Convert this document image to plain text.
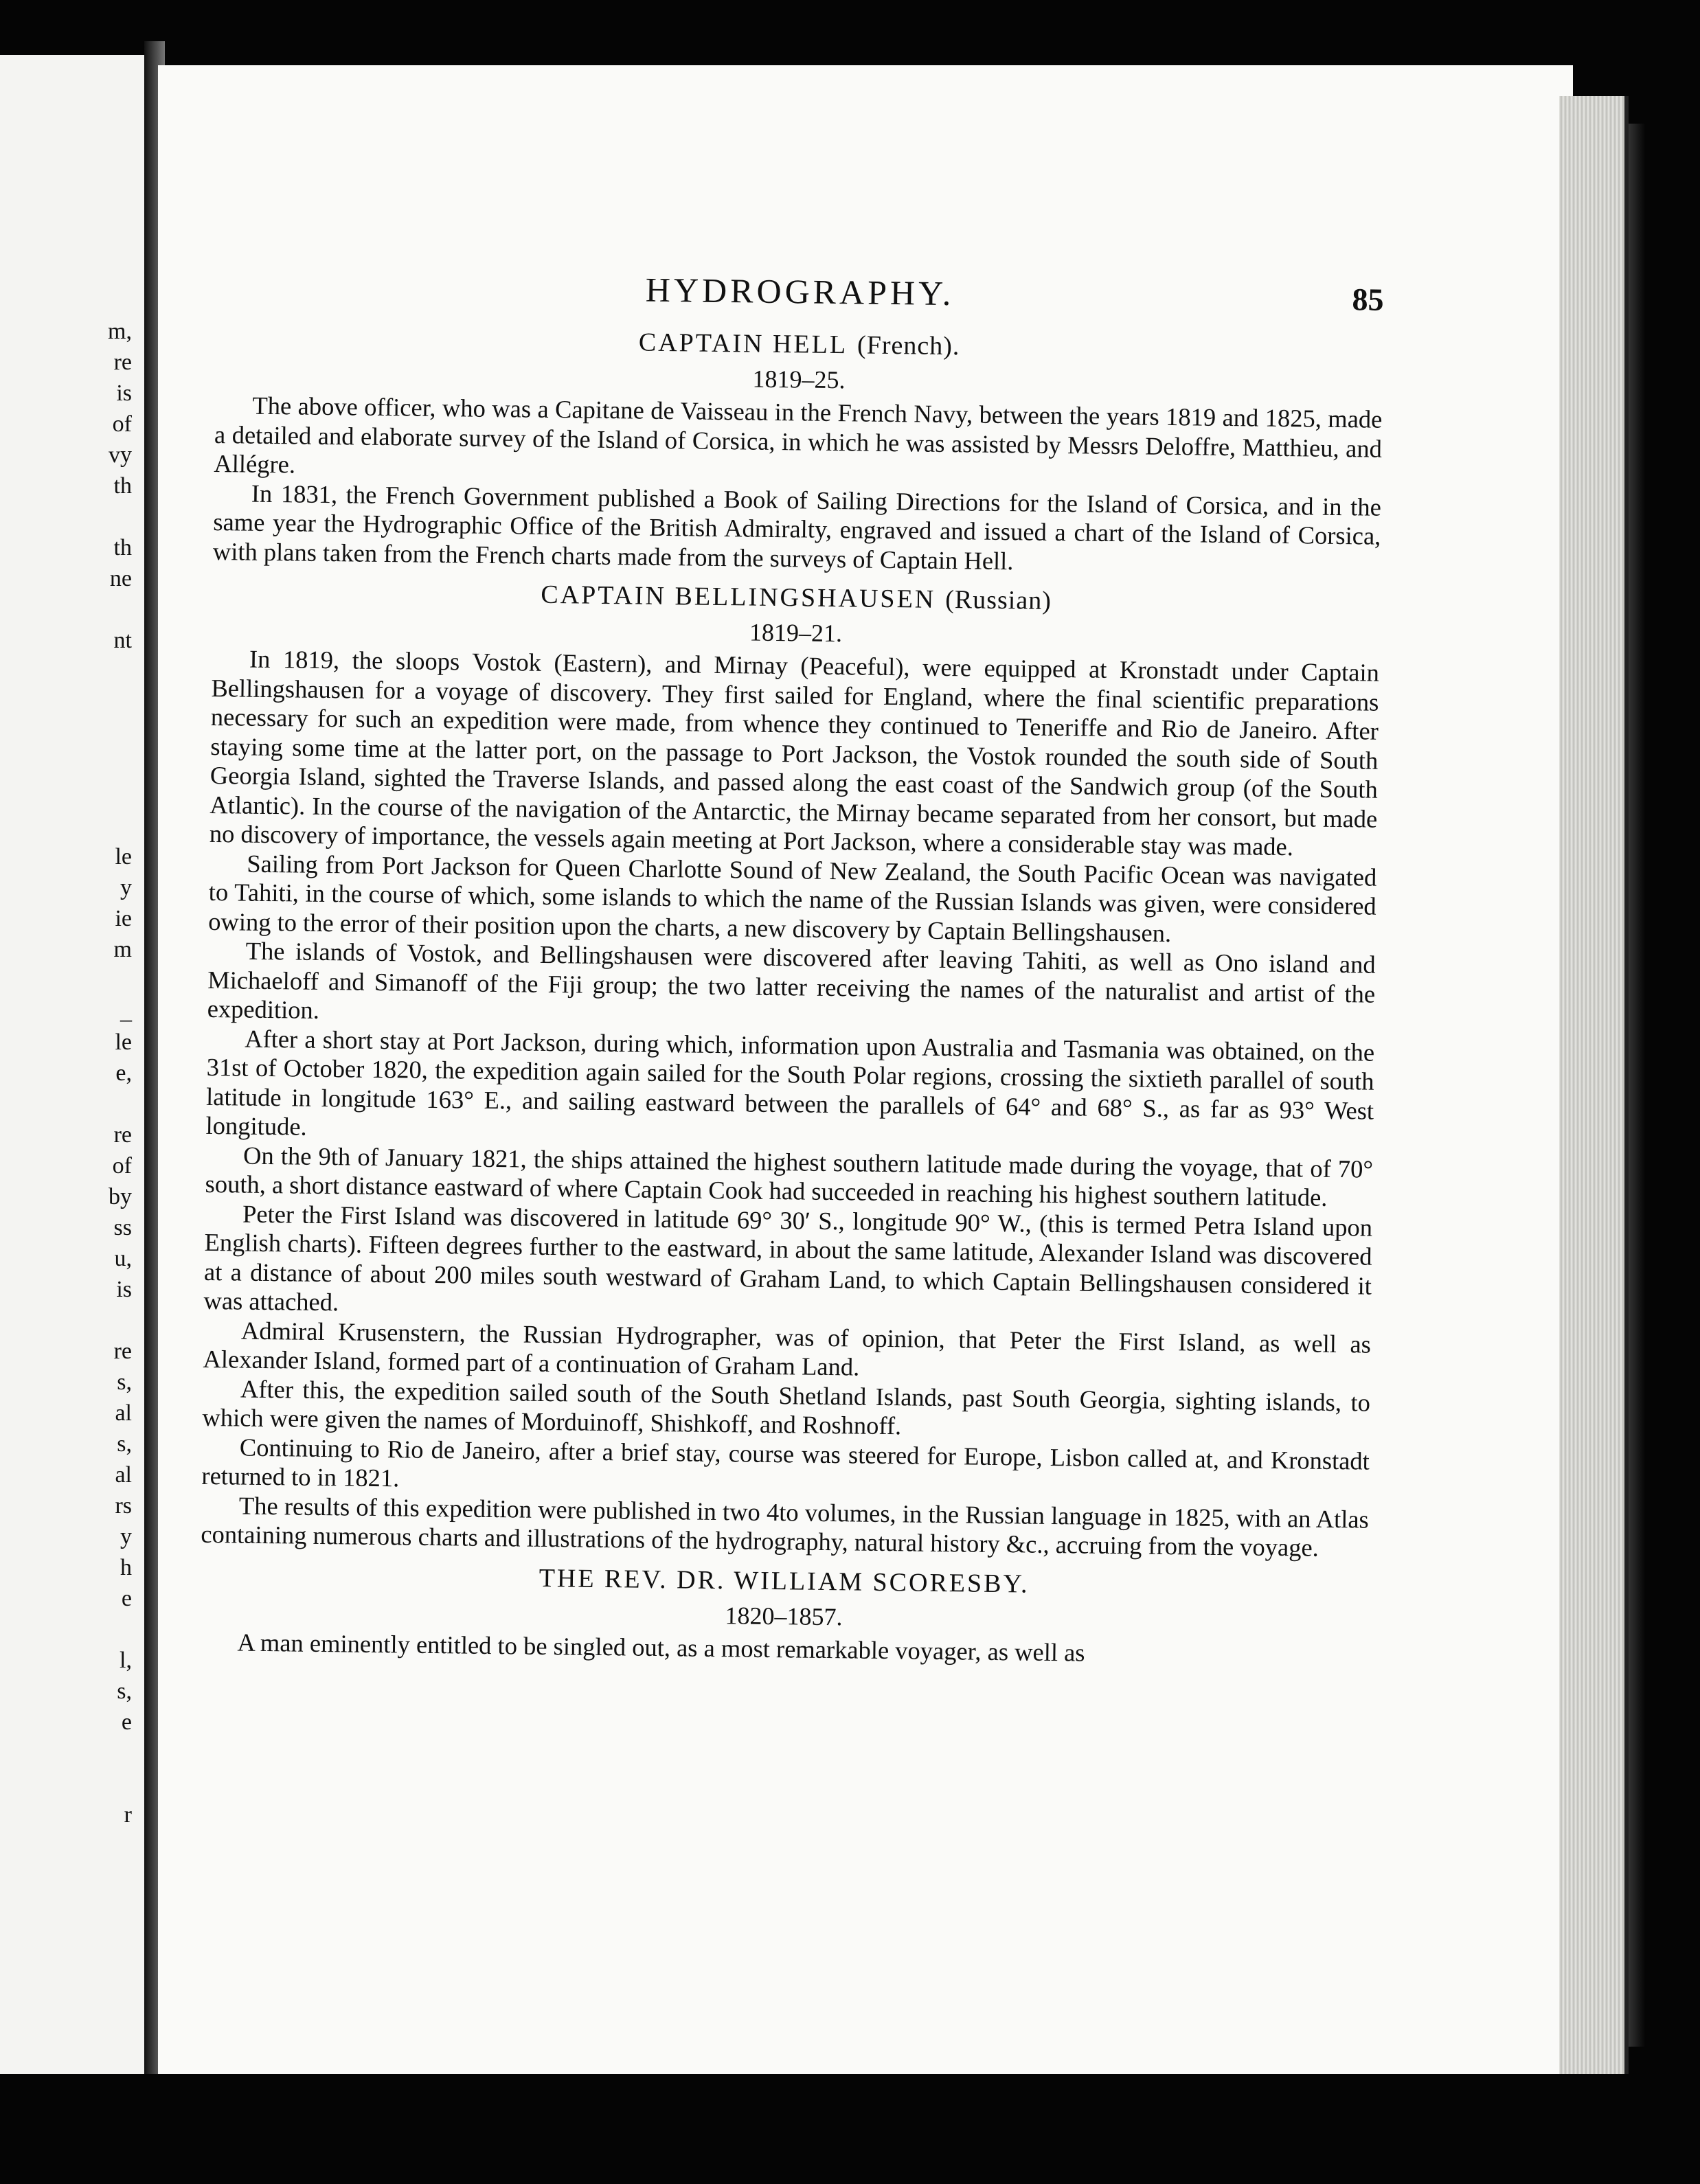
m,
re
is
of
vy
th
th
ne
nt
le
y
ie
m
_
le
e,
re
of
by
ss
u,
is
re
s,
al
s,
al
rs
y
h
e
l,
s,
e
r
HYDROGRAPHY.	85
CAPTAIN HELL (French).
1819–25.

The above officer, who was a Capitane de Vaisseau in the French Navy, between the years 1819 and 1825, made a detailed and elaborate survey of the Island of Corsica, in which he was assisted by Messrs Deloffre, Matthieu, and Allégre.

In 1831, the French Government published a Book of Sailing Directions for the Island of Corsica, and in the same year the Hydrographic Office of the British Admiralty, engraved and issued a chart of the Island of Corsica, with plans taken from the French charts made from the surveys of Captain Hell.

CAPTAIN BELLINGSHAUSEN (Russian)
1819–21.

In 1819, the sloops Vostok (Eastern), and Mirnay (Peaceful), were equipped at Kronstadt under Captain Bellingshausen for a voyage of discovery. They first sailed for England, where the final scientific preparations necessary for such an expedition were made, from whence they continued to Teneriffe and Rio de Janeiro. After staying some time at the latter port, on the passage to Port Jackson, the Vostok rounded the south side of South Georgia Island, sighted the Traverse Islands, and passed along the east coast of the Sandwich group (of the South Atlantic). In the course of the navigation of the Antarctic, the Mirnay became separated from her consort, but made no discovery of importance, the vessels again meeting at Port Jackson, where a considerable stay was made.

Sailing from Port Jackson for Queen Charlotte Sound of New Zealand, the South Pacific Ocean was navigated to Tahiti, in the course of which, some islands to which the name of the Russian Islands was given, were considered owing to the error of their position upon the charts, a new discovery by Captain Bellingshausen.

The islands of Vostok, and Bellingshausen were discovered after leaving Tahiti, as well as Ono island and Michaeloff and Simanoff of the Fiji group; the two latter receiving the names of the naturalist and artist of the expedition.

After a short stay at Port Jackson, during which, information upon Australia and Tasmania was obtained, on the 31st of October 1820, the expedition again sailed for the South Polar regions, crossing the sixtieth parallel of south latitude in longitude 163° E., and sailing eastward between the parallels of 64° and 68° S., as far as 93° West longitude.

On the 9th of January 1821, the ships attained the highest southern latitude made during the voyage, that of 70° south, a short distance eastward of where Captain Cook had succeeded in reaching his highest southern latitude.

Peter the First Island was discovered in latitude 69° 30′ S., longitude 90° W., (this is termed Petra Island upon English charts). Fifteen degrees further to the eastward, in about the same latitude, Alexander Island was discovered at a distance of about 200 miles south westward of Graham Land, to which Captain Bellingshausen considered it was attached.

Admiral Krusenstern, the Russian Hydrographer, was of opinion, that Peter the First Island, as well as Alexander Island, formed part of a continuation of Graham Land.

After this, the expedition sailed south of the South Shetland Islands, past South Georgia, sighting islands, to which were given the names of Morduinoff, Shishkoff, and Roshnoff.

Continuing to Rio de Janeiro, after a brief stay, course was steered for Europe, Lisbon called at, and Kronstadt returned to in 1821.

The results of this expedition were published in two 4to volumes, in the Russian language in 1825, with an Atlas containing numerous charts and illustrations of the hydrography, natural history &c., accruing from the voyage.

THE REV. DR. WILLIAM SCORESBY.
1820–1857.

A man eminently entitled to be singled out, as a most remarkable voyager, as well as
